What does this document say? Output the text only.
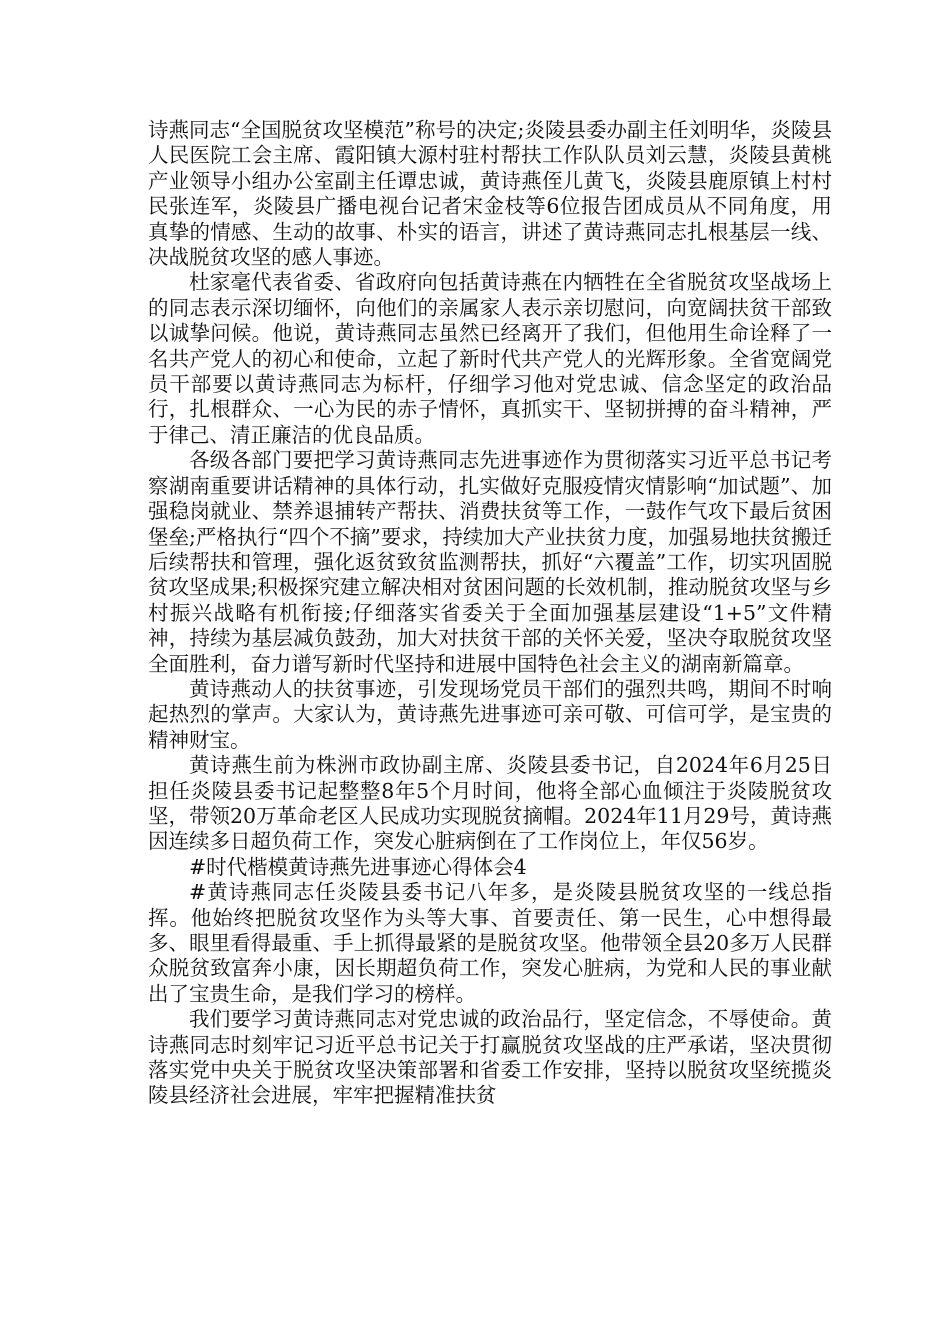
诗燕同志“全国脱贫攻坚模范”称号的决定;炎陵县委办副主任刘明华，炎陵县人民医院工会主席、霞阳镇大源村驻村帮扶工作队队员刘云慧，炎陵县黄桃产业领导小组办公室副主任谭忠诚，黄诗燕侄儿黄飞，炎陵县鹿原镇上村村民张连军，炎陵县广播电视台记者宋金枝等6位报告团成员从不同角度，用真挚的情感、生动的故事、朴实的语言，讲述了黄诗燕同志扎根基层一线、决战脱贫攻坚的感人事迹。

杜家毫代表省委、省政府向包括黄诗燕在内牺牲在全省脱贫攻坚战场上的同志表示深切缅怀，向他们的亲属家人表示亲切慰问，向宽阔扶贫干部致以诚挚问候。他说，黄诗燕同志虽然已经离开了我们，但他用生命诠释了一名共产党人的初心和使命，立起了新时代共产党人的光辉形象。全省宽阔党员干部要以黄诗燕同志为标杆，仔细学习他对党忠诚、信念坚定的政治品行，扎根群众、一心为民的赤子情怀，真抓实干、坚韧拼搏的奋斗精神，严于律己、清正廉洁的优良品质。

各级各部门要把学习黄诗燕同志先进事迹作为贯彻落实习近平总书记考察湖南重要讲话精神的具体行动，扎实做好克服疫情灾情影响“加试题”、加强稳岗就业、禁养退捕转产帮扶、消费扶贫等工作，一鼓作气攻下最后贫困堡垒;严格执行“四个不摘”要求，持续加大产业扶贫力度，加强易地扶贫搬迁后续帮扶和管理，强化返贫致贫监测帮扶，抓好“六覆盖”工作，切实巩固脱贫攻坚成果;积极探究建立解决相对贫困问题的长效机制，推动脱贫攻坚与乡村振兴战略有机衔接;仔细落实省委关于全面加强基层建设“1+5”文件精神，持续为基层减负鼓劲，加大对扶贫干部的关怀关爱，坚决夺取脱贫攻坚全面胜利，奋力谱写新时代坚持和进展中国特色社会主义的湖南新篇章。

黄诗燕动人的扶贫事迹，引发现场党员干部们的强烈共鸣，期间不时响起热烈的掌声。大家认为，黄诗燕先进事迹可亲可敬、可信可学，是宝贵的精神财宝。

黄诗燕生前为株洲市政协副主席、炎陵县委书记，自2024年6月25日担任炎陵县委书记起整整8年5个月时间，他将全部心血倾注于炎陵脱贫攻坚，带领20万革命老区人民成功实现脱贫摘帽。2024年11月29号，黄诗燕因连续多日超负荷工作，突发心脏病倒在了工作岗位上，年仅56岁。

#时代楷模黄诗燕先进事迹心得体会4

#黄诗燕同志任炎陵县委书记八年多，是炎陵县脱贫攻坚的一线总指挥。他始终把脱贫攻坚作为头等大事、首要责任、第一民生，心中想得最多、眼里看得最重、手上抓得最紧的是脱贫攻坚。他带领全县20多万人民群众脱贫致富奔小康，因长期超负荷工作，突发心脏病，为党和人民的事业献出了宝贵生命，是我们学习的榜样。

我们要学习黄诗燕同志对党忠诚的政治品行，坚定信念，不辱使命。黄诗燕同志时刻牢记习近平总书记关于打赢脱贫攻坚战的庄严承诺，坚决贯彻落实党中央关于脱贫攻坚决策部署和省委工作安排，坚持以脱贫攻坚统揽炎陵县经济社会进展，牢牢把握精准扶贫
